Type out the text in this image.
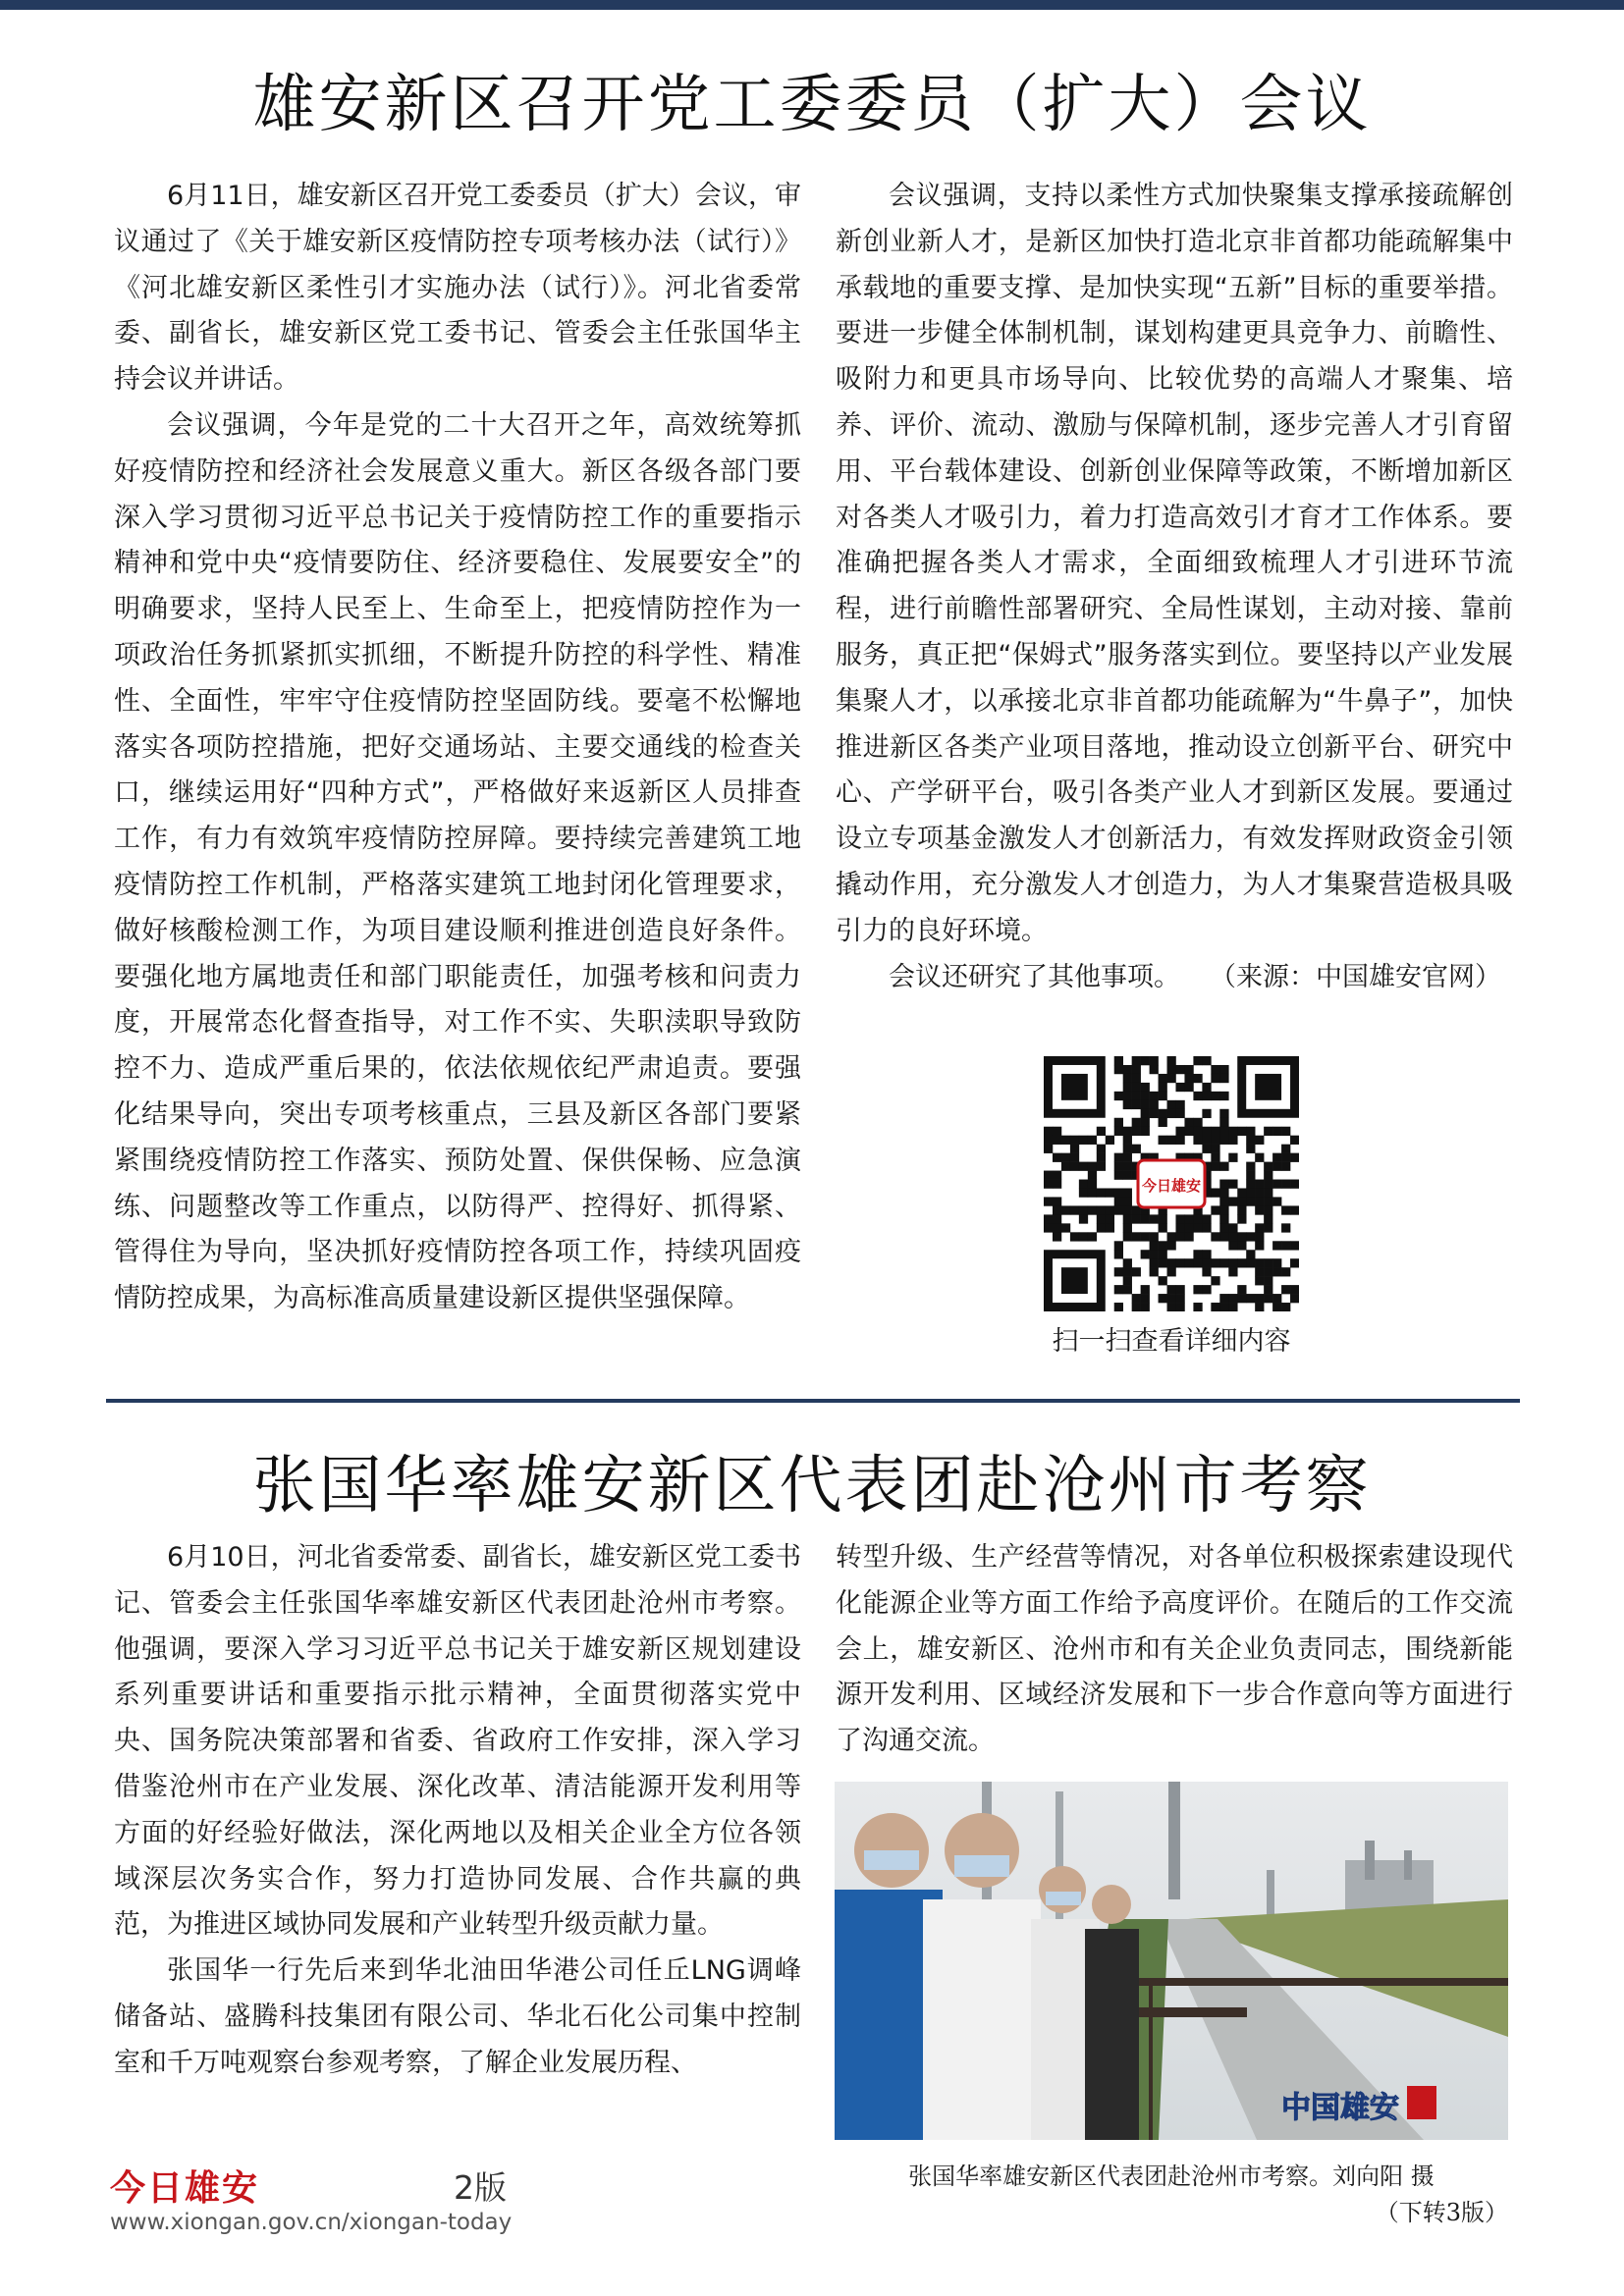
雄安新区召开党工委委员（扩大）会议

6月11日，雄安新区召开党工委委员（扩大）会议，审议通过了《关于雄安新区疫情防控专项考核办法（试行）》《河北雄安新区柔性引才实施办法（试行）》。河北省委常委、副省长，雄安新区党工委书记、管委会主任张国华主持会议并讲话。

会议强调，今年是党的二十大召开之年，高效统筹抓好疫情防控和经济社会发展意义重大。新区各级各部门要深入学习贯彻习近平总书记关于疫情防控工作的重要指示精神和党中央“疫情要防住、经济要稳住、发展要安全”的明确要求，坚持人民至上、生命至上，把疫情防控作为一项政治任务抓紧抓实抓细，不断提升防控的科学性、精准性、全面性，牢牢守住疫情防控坚固防线。要毫不松懈地落实各项防控措施，把好交通场站、主要交通线的检查关口，继续运用好“四种方式”，严格做好来返新区人员排查工作，有力有效筑牢疫情防控屏障。要持续完善建筑工地疫情防控工作机制，严格落实建筑工地封闭化管理要求，做好核酸检测工作，为项目建设顺利推进创造良好条件。要强化地方属地责任和部门职能责任，加强考核和问责力度，开展常态化督查指导，对工作不实、失职渎职导致防控不力、造成严重后果的，依法依规依纪严肃追责。要强化结果导向，突出专项考核重点，三县及新区各部门要紧紧围绕疫情防控工作落实、预防处置、保供保畅、应急演练、问题整改等工作重点，以防得严、控得好、抓得紧、管得住为导向，坚决抓好疫情防控各项工作，持续巩固疫情防控成果，为高标准高质量建设新区提供坚强保障。

会议强调，支持以柔性方式加快聚集支撑承接疏解创新创业新人才，是新区加快打造北京非首都功能疏解集中承载地的重要支撑、是加快实现“五新”目标的重要举措。要进一步健全体制机制，谋划构建更具竞争力、前瞻性、吸附力和更具市场导向、比较优势的高端人才聚集、培养、评价、流动、激励与保障机制，逐步完善人才引育留用、平台载体建设、创新创业保障等政策，不断增加新区对各类人才吸引力，着力打造高效引才育才工作体系。要准确把握各类人才需求，全面细致梳理人才引进环节流程，进行前瞻性部署研究、全局性谋划，主动对接、靠前服务，真正把“保姆式”服务落实到位。要坚持以产业发展集聚人才，以承接北京非首都功能疏解为“牛鼻子”，加快推进新区各类产业项目落地，推动设立创新平台、研究中心、产学研平台，吸引各类产业人才到新区发展。要通过设立专项基金激发人才创新活力，有效发挥财政资金引领撬动作用，充分激发人才创造力，为人才集聚营造极具吸引力的良好环境。

会议还研究了其他事项。 （来源：中国雄安官网）

今日雄安
扫一扫查看详细内容
张国华率雄安新区代表团赴沧州市考察

6月10日，河北省委常委、副省长，雄安新区党工委书记、管委会主任张国华率雄安新区代表团赴沧州市考察。他强调，要深入学习习近平总书记关于雄安新区规划建设系列重要讲话和重要指示批示精神，全面贯彻落实党中央、国务院决策部署和省委、省政府工作安排，深入学习借鉴沧州市在产业发展、深化改革、清洁能源开发利用等方面的好经验好做法，深化两地以及相关企业全方位各领域深层次务实合作，努力打造协同发展、合作共赢的典范，为推进区域协同发展和产业转型升级贡献力量。

张国华一行先后来到华北油田华港公司任丘LNG调峰储备站、盛腾科技集团有限公司、华北石化公司集中控制室和千万吨观察台参观考察，了解企业发展历程、

转型升级、生产经营等情况，对各单位积极探索建设现代化能源企业等方面工作给予高度评价。在随后的工作交流会上，雄安新区、沧州市和有关企业负责同志，围绕新能源开发利用、区域经济发展和下一步合作意向等方面进行了沟通交流。

中国雄安
张国华率雄安新区代表团赴沧州市考察。刘向阳 摄
（下转3版）
今日雄安	2版
www.xiongan.gov.cn/xiongan-today
